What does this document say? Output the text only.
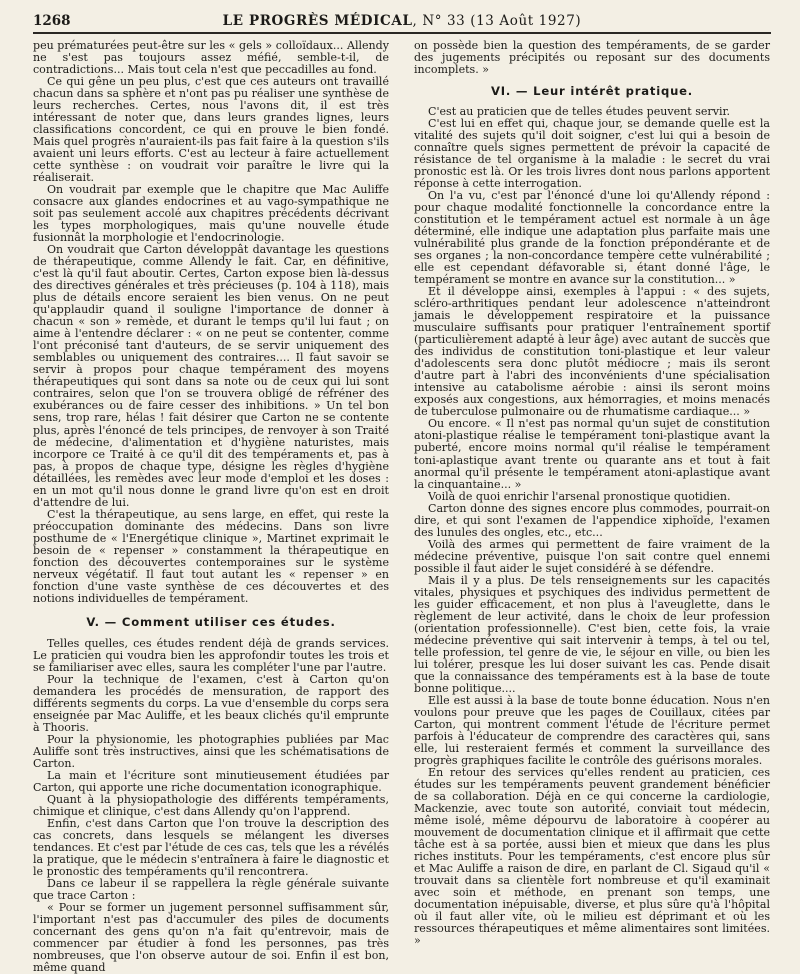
1268	LE PROGRÈS MÉDICAL, N° 33 (13 Août 1927)

peu prématurées peut-être sur les « gels » colloïdaux... Allendy ne s'est pas toujours assez méfié, semble-t-il, de contradictions... Mais tout cela n'est que peccadilles au fond.

Ce qui gêne un peu plus, c'est que ces auteurs ont travaillé chacun dans sa sphère et n'ont pas pu réaliser une synthèse de leurs recherches. Certes, nous l'avons dit, il est très intéressant de noter que, dans leurs grandes lignes, leurs classifications concordent, ce qui en prouve le bien fondé. Mais quel progrès n'auraient-ils pas fait faire à la question s'ils avaient uni leurs efforts. C'est au lecteur à faire actuellement cette synthèse : on voudrait voir paraître le livre qui la réaliserait.

On voudrait par exemple que le chapitre que Mac Auliffe consacre aux glandes endocrines et au vago-sympathique ne soit pas seulement accolé aux chapitres précédents décrivant les types morphologiques, mais qu'une nouvelle étude fusionnât la morphologie et l'endocrinologie.

On voudrait que Carton développât davantage les questions de thérapeutique, comme Allendy le fait. Car, en définitive, c'est là qu'il faut aboutir. Certes, Carton expose bien là-dessus des directives générales et très précieuses (p. 104 à 118), mais plus de détails encore seraient les bien venus. On ne peut qu'applaudir quand il souligne l'importance de donner à chacun « son » remède, et durant le temps qu'il lui faut ; on aime à l'entendre déclarer : « on ne peut se contenter, comme l'ont préconisé tant d'auteurs, de se servir uniquement des semblables ou uniquement des contraires.... Il faut savoir se servir à propos pour chaque tempérament des moyens thérapeutiques qui sont dans sa note ou de ceux qui lui sont contraires, selon que l'on se trouvera obligé de réfréner des exubérances ou de faire cesser des inhibitions. » Un tel bon sens, trop rare, hélas ! fait désirer que Carton ne se contente plus, après l'énoncé de tels principes, de renvoyer à son Traité de médecine, d'alimentation et d'hygiène naturistes, mais incorpore ce Traité à ce qu'il dit des tempéraments et, pas à pas, à propos de chaque type, désigne les règles d'hygiène détaillées, les remèdes avec leur mode d'emploi et les doses : en un mot qu'il nous donne le grand livre qu'on est en droit d'attendre de lui.

C'est la thérapeutique, au sens large, en effet, qui reste la préoccupation dominante des médecins. Dans son livre posthume de « l'Energétique clinique », Martinet exprimait le besoin de « repenser » constamment la thérapeutique en fonction des découvertes contemporaines sur le système nerveux végétatif. Il faut tout autant les « repenser » en fonction d'une vaste synthèse de ces découvertes et des notions individuelles de tempérament.

V. — Comment utiliser ces études.

Telles quelles, ces études rendent déjà de grands services. Le praticien qui voudra bien les approfondir toutes les trois et se familiariser avec elles, saura les compléter l'une par l'autre.

Pour la technique de l'examen, c'est à Carton qu'on demandera les procédés de mensuration, de rapport des différents segments du corps. La vue d'ensemble du corps sera enseignée par Mac Auliffe, et les beaux clichés qu'il emprunte à Thooris.

Pour la physionomie, les photographies publiées par Mac Auliffe sont très instructives, ainsi que les schématisations de Carton.

La main et l'écriture sont minutieusement étudiées par Carton, qui apporte une riche documentation iconographique.

Quant à la physiopathologie des différents tempéraments, chimique et clinique, c'est dans Allendy qu'on l'apprend.

Enfin, c'est dans Carton que l'on trouve la description des cas concrets, dans lesquels se mélangent les diverses tendances. Et c'est par l'étude de ces cas, tels que les a révélés la pratique, que le médecin s'entraînera à faire le diagnostic et le pronostic des tempéraments qu'il rencontrera.

Dans ce labeur il se rappellera la règle générale suivante que trace Carton :

« Pour se former un jugement personnel suffisamment sûr, l'important n'est pas d'accumuler des piles de documents concernant des gens qu'on n'a fait qu'entrevoir, mais de commencer par étudier à fond les personnes, pas très nombreuses, que l'on observe autour de soi. Enfin il est bon, même quand

on possède bien la question des tempéraments, de se garder des jugements précipités ou reposant sur des documents incomplets. »

VI. — Leur intérêt pratique.

C'est au praticien que de telles études peuvent servir.

C'est lui en effet qui, chaque jour, se demande quelle est la vitalité des sujets qu'il doit soigner, c'est lui qui a besoin de connaître quels signes permettent de prévoir la capacité de résistance de tel organisme à la maladie : le secret du vrai pronostic est là. Or les trois livres dont nous parlons apportent réponse à cette interrogation.

On l'a vu, c'est par l'énoncé d'une loi qu'Allendy répond : pour chaque modalité fonctionnelle la concordance entre la constitution et le tempérament actuel est normale à un âge déterminé, elle indique une adaptation plus parfaite mais une vulnérabilité plus grande de la fonction prépondérante et de ses organes ; la non-concordance tempère cette vulnérabilité ; elle est cependant défavorable si, étant donné l'âge, le tempérament se montre en avance sur la constitution... »

Et il développe ainsi, exemples à l'appui : « des sujets, scléro-arthritiques pendant leur adolescence n'atteindront jamais le développement respiratoire et la puissance musculaire suffisants pour pratiquer l'entraînement sportif (particulièrement adapté à leur âge) avec autant de succès que des individus de constitution toni-plastique et leur valeur d'adolescents sera donc plutôt médiocre ; mais ils seront d'autre part à l'abri des inconvénients d'une spécialisation intensive au catabolisme aérobie : ainsi ils seront moins exposés aux congestions, aux hémorragies, et moins menacés de tuberculose pulmonaire ou de rhumatisme cardiaque... »

Ou encore. « Il n'est pas normal qu'un sujet de constitution atoni-plastique réalise le tempérament toni-plastique avant la puberté, encore moins normal qu'il réalise le tempérament toni-aplastique avant trente ou quarante ans et tout à fait anormal qu'il présente le tempérament atoni-aplastique avant la cinquantaine... »

Voilà de quoi enrichir l'arsenal pronostique quotidien.

Carton donne des signes encore plus commodes, pourrait-on dire, et qui sont l'examen de l'appendice xiphoïde, l'examen des lunules des ongles, etc., etc...

Voilà des armes qui permettent de faire vraiment de la médecine préventive, puisque l'on sait contre quel ennemi possible il faut aider le sujet considéré à se défendre.

Mais il y a plus. De tels renseignements sur les capacités vitales, physiques et psychiques des individus permettent de les guider efficacement, et non plus à l'aveuglette, dans le règlement de leur activité, dans le choix de leur profession (orientation professionnelle). C'est bien, cette fois, la vraie médecine préventive qui sait intervenir à temps, à tel ou tel, telle profession, tel genre de vie, le séjour en ville, ou bien les lui tolérer, presque les lui doser suivant les cas. Pende disait que la connaissance des tempéraments est à la base de toute bonne politique....

Elle est aussi à la base de toute bonne éducation. Nous n'en voulons pour preuve que les pages de Couillaux, citées par Carton, qui montrent comment l'étude de l'écriture permet parfois à l'éducateur de comprendre des caractères qui, sans elle, lui resteraient fermés et comment la surveillance des progrès graphiques facilite le contrôle des guérisons morales.

En retour des services qu'elles rendent au praticien, ces études sur les tempéraments peuvent grandement bénéficier de sa collaboration. Déjà en ce qui concerne la cardiologie, Mackenzie, avec toute son autorité, conviait tout médecin, même isolé, même dépourvu de laboratoire à coopérer au mouvement de documentation clinique et il affirmait que cette tâche est à sa portée, aussi bien et mieux que dans les plus riches instituts. Pour les tempéraments, c'est encore plus sûr et Mac Auliffe a raison de dire, en parlant de Cl. Sigaud qu'il « trouvait dans sa clientèle fort nombreuse et qu'il examinait avec soin et méthode, en prenant son temps, une documentation inépuisable, diverse, et plus sûre qu'à l'hôpital où il faut aller vite, où le milieu est déprimant et où les ressources thérapeutiques et même alimentaires sont limitées. »
